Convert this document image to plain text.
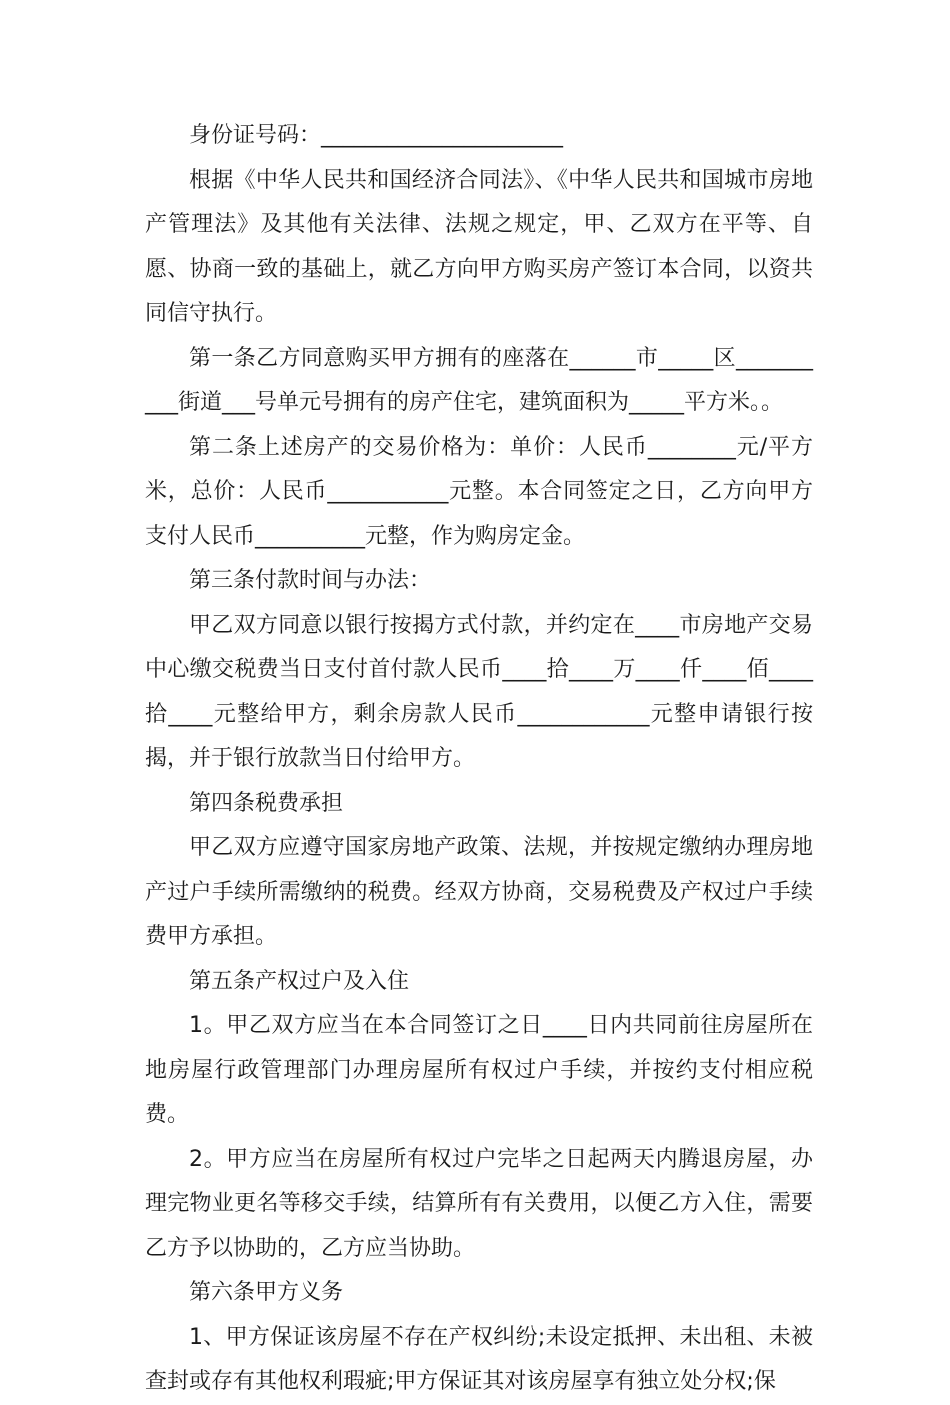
身份证号码：______________________

根据《中华人民共和国经济合同法》、《中华人民共和国城市房地产管理法》及其他有关法律、法规之规定，甲、乙双方在平等、自愿、协商一致的基础上，就乙方向甲方购买房产签订本合同，以资共同信守执行。

第一条乙方同意购买甲方拥有的座落在______市_____区__________街道___号单元号拥有的房产住宅，建筑面积为_____平方米。。

第二条上述房产的交易价格为：单价：人民币________元/平方米，总价：人民币___________元整。本合同签定之日，乙方向甲方支付人民币__________元整，作为购房定金。

第三条付款时间与办法：

甲乙双方同意以银行按揭方式付款，并约定在____市房地产交易中心缴交税费当日支付首付款人民币____拾____万____仟____佰____拾____元整给甲方，剩余房款人民币____________元整申请银行按揭，并于银行放款当日付给甲方。

第四条税费承担

甲乙双方应遵守国家房地产政策、法规，并按规定缴纳办理房地产过户手续所需缴纳的税费。经双方协商，交易税费及产权过户手续费甲方承担。

第五条产权过户及入住

1。甲乙双方应当在本合同签订之日____日内共同前往房屋所在地房屋行政管理部门办理房屋所有权过户手续，并按约支付相应税费。

2。甲方应当在房屋所有权过户完毕之日起两天内腾退房屋，办理完物业更名等移交手续，结算所有有关费用，以便乙方入住，需要乙方予以协助的，乙方应当协助。

第六条甲方义务

1、甲方保证该房屋不存在产权纠纷;未设定抵押、未出租、未被查封或存有其他权利瑕疵;甲方保证其对该房屋享有独立处分权;保
